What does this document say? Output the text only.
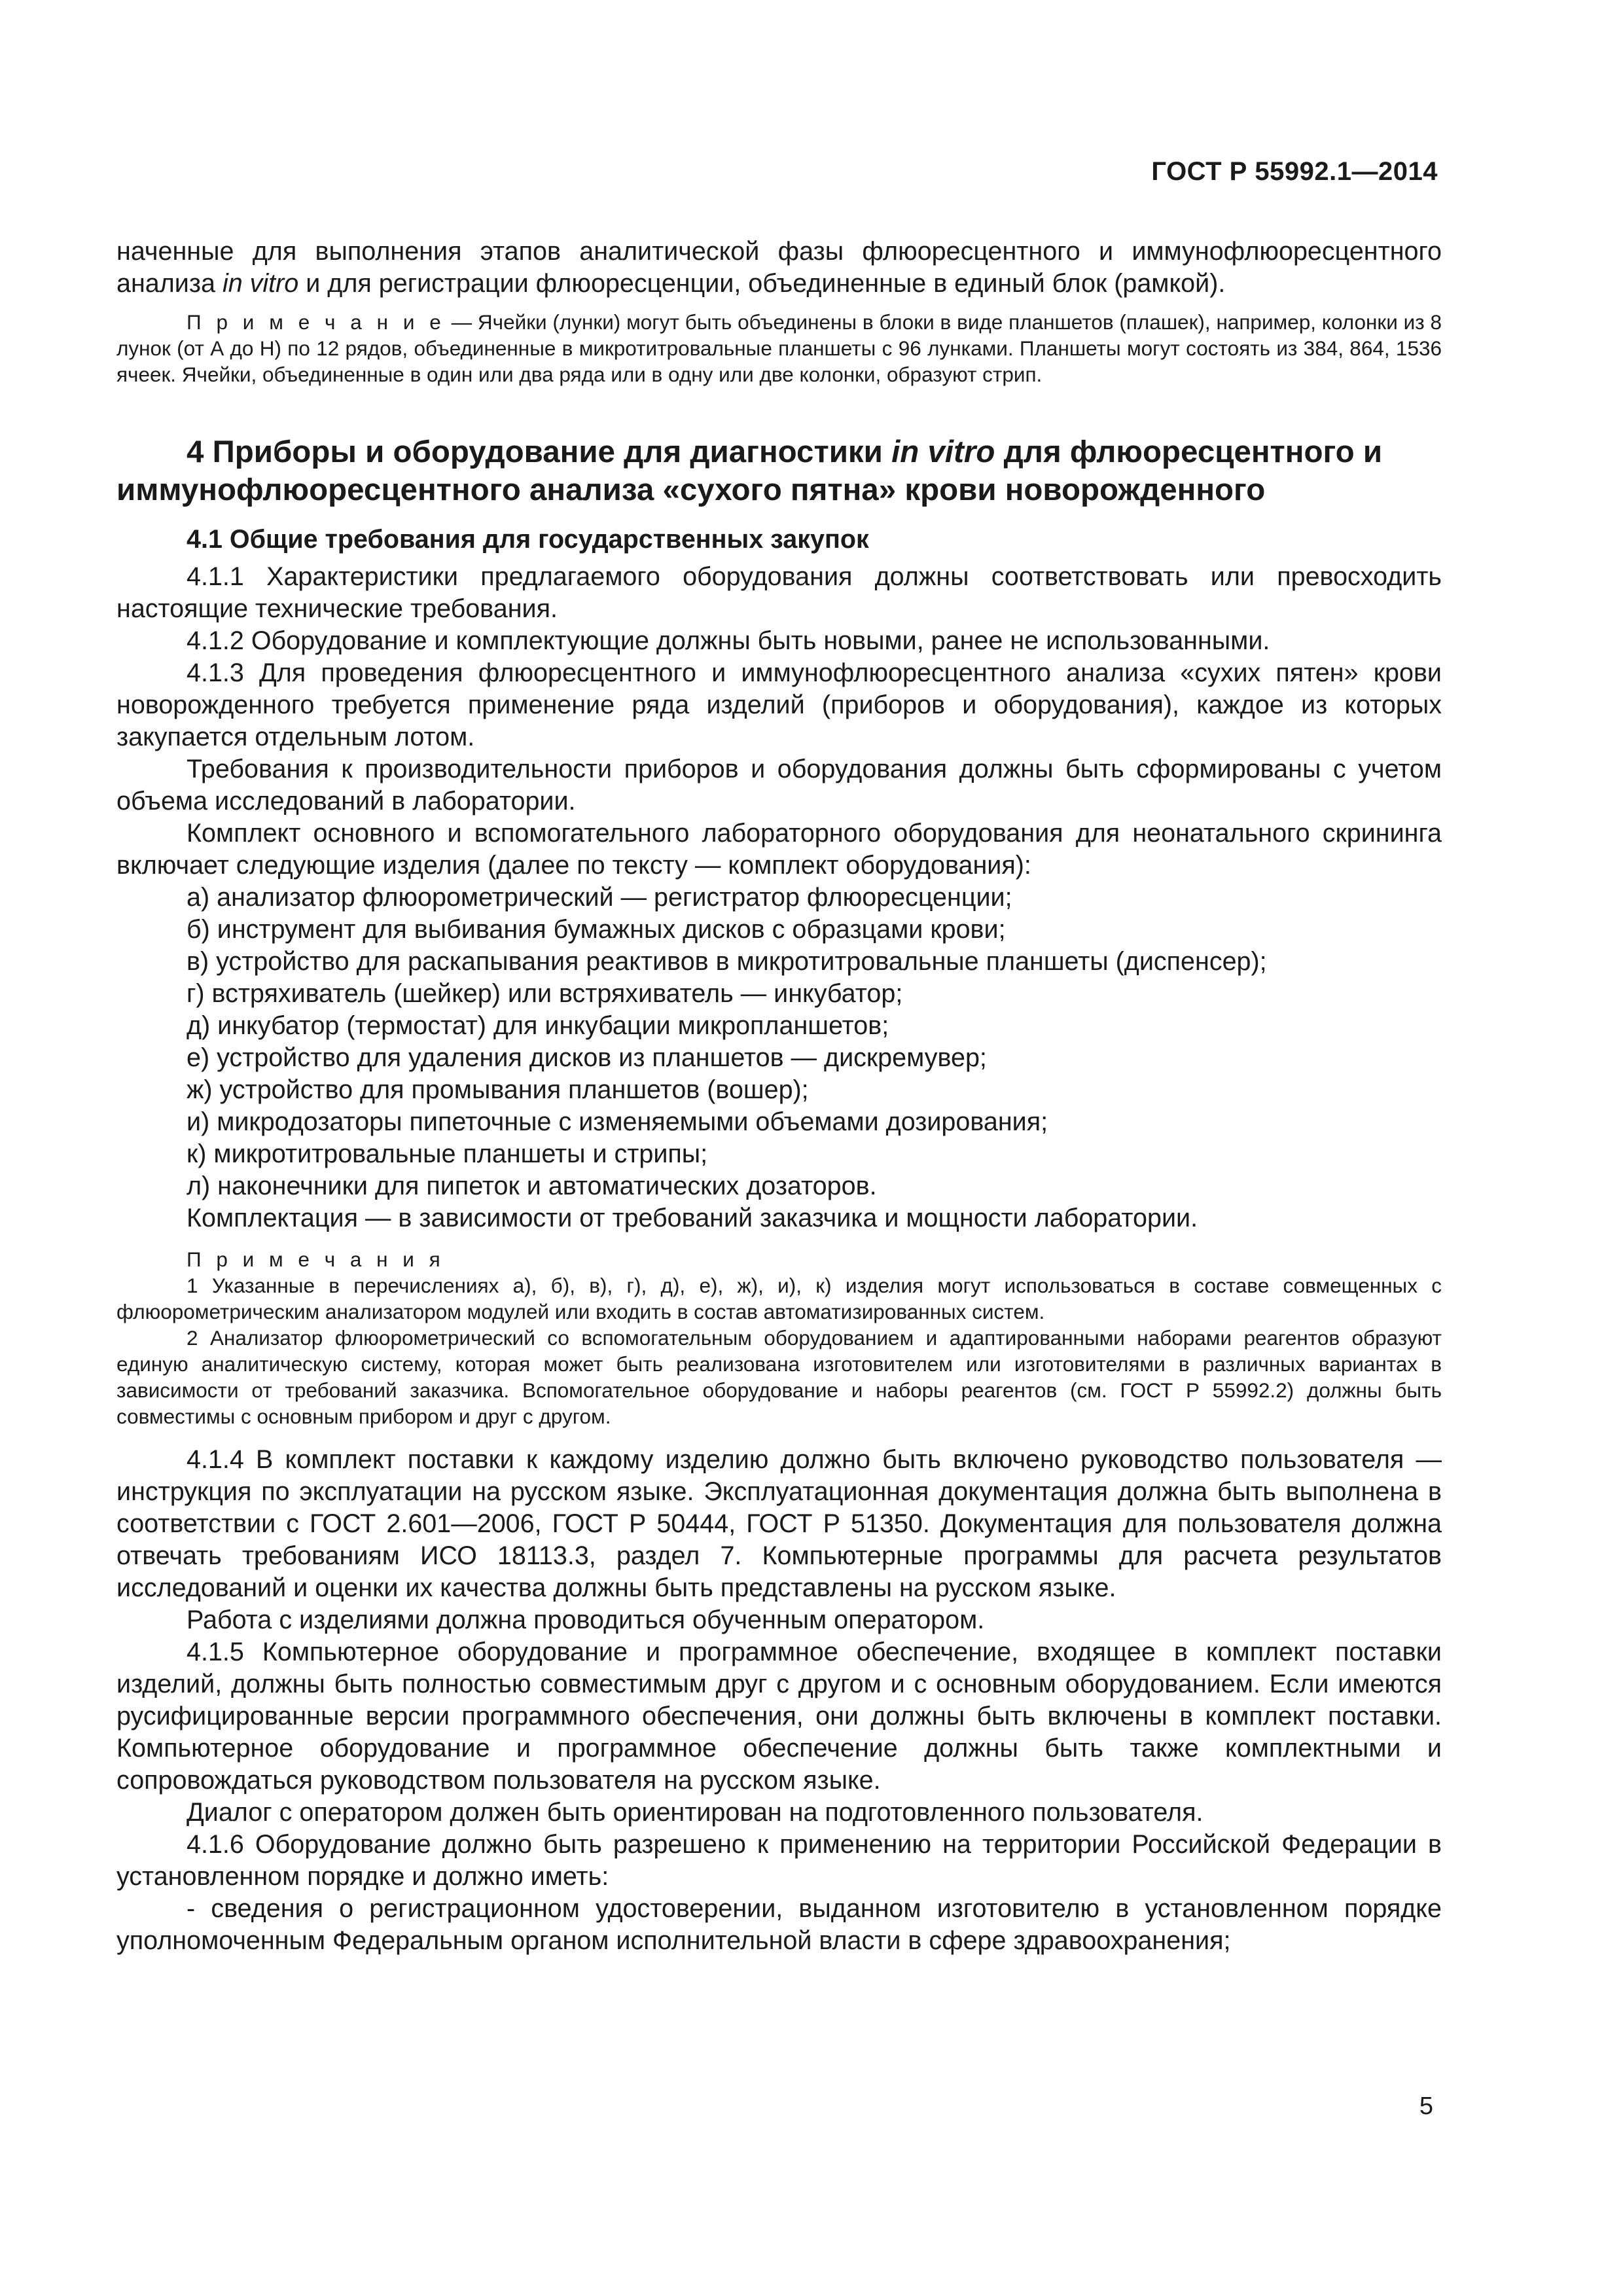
ГОСТ Р 55992.1—2014

наченные для выполнения этапов аналитической фазы флюоресцентного и иммунофлюоресцентного анализа in vitro и для регистрации флюоресценции, объединенные в единый блок (рамкой).

П р и м е ч а н и е — Ячейки (лунки) могут быть объединены в блоки в виде планшетов (плашек), например, колонки из 8 лунок (от А до Н) по 12 рядов, объединенные в микротитровальные планшеты с 96 лунками. Планшеты могут состоять из 384, 864, 1536 ячеек. Ячейки, объединенные в один или два ряда или в одну или две колонки, образуют стрип.

4 Приборы и оборудование для диагностики in vitro для флюоресцентного и иммунофлюоресцентного анализа «сухого пятна» крови новорожденного

4.1 Общие требования для государственных закупок

4.1.1 Характеристики предлагаемого оборудования должны соответствовать или превосходить настоящие технические требования.

4.1.2 Оборудование и комплектующие должны быть новыми, ранее не использованными.

4.1.3 Для проведения флюоресцентного и иммунофлюоресцентного анализа «сухих пятен» крови новорожденного требуется применение ряда изделий (приборов и оборудования), каждое из которых закупается отдельным лотом.

Требования к производительности приборов и оборудования должны быть сформированы с учетом объема исследований в лаборатории.

Комплект основного и вспомогательного лабораторного оборудования для неонатального скрининга включает следующие изделия (далее по тексту — комплект оборудования):

а) анализатор флюорометрический — регистратор флюоресценции;

б) инструмент для выбивания бумажных дисков с образцами крови;

в) устройство для раскапывания реактивов в микротитровальные планшеты (диспенсер);

г) встряхиватель (шейкер) или встряхиватель — инкубатор;

д) инкубатор (термостат) для инкубации микропланшетов;

е) устройство для удаления дисков из планшетов — дискремувер;

ж) устройство для промывания планшетов (вошер);

и) микродозаторы пипеточные с изменяемыми объемами дозирования;

к) микротитровальные планшеты и стрипы;

л) наконечники для пипеток и автоматических дозаторов.

Комплектация — в зависимости от требований заказчика и мощности лаборатории.

П р и м е ч а н и я

1 Указанные в перечислениях а), б), в), г), д), е), ж), и), к) изделия могут использоваться в составе совмещенных с флюорометрическим анализатором модулей или входить в состав автоматизированных систем.

2 Анализатор флюорометрический со вспомогательным оборудованием и адаптированными наборами реагентов образуют единую аналитическую систему, которая может быть реализована изготовителем или изготовителями в различных вариантах в зависимости от требований заказчика. Вспомогательное оборудование и наборы реагентов (см. ГОСТ Р 55992.2) должны быть совместимы с основным прибором и друг с другом.

4.1.4 В комплект поставки к каждому изделию должно быть включено руководство пользователя — инструкция по эксплуатации на русском языке. Эксплуатационная документация должна быть выполнена в соответствии с ГОСТ 2.601—2006, ГОСТ Р 50444, ГОСТ Р 51350. Документация для пользователя должна отвечать требованиям ИСО 18113.3, раздел 7. Компьютерные программы для расчета результатов исследований и оценки их качества должны быть представлены на русском языке.

Работа с изделиями должна проводиться обученным оператором.

4.1.5 Компьютерное оборудование и программное обеспечение, входящее в комплект поставки изделий, должны быть полностью совместимым друг с другом и с основным оборудованием. Если имеются русифицированные версии программного обеспечения, они должны быть включены в комплект поставки. Компьютерное оборудование и программное обеспечение должны быть также комплектными и сопровождаться руководством пользователя на русском языке.

Диалог с оператором должен быть ориентирован на подготовленного пользователя.

4.1.6 Оборудование должно быть разрешено к применению на территории Российской Федерации в установленном порядке и должно иметь:

- сведения о регистрационном удостоверении, выданном изготовителю в установленном порядке уполномоченным Федеральным органом исполнительной власти в сфере здравоохранения;

5
